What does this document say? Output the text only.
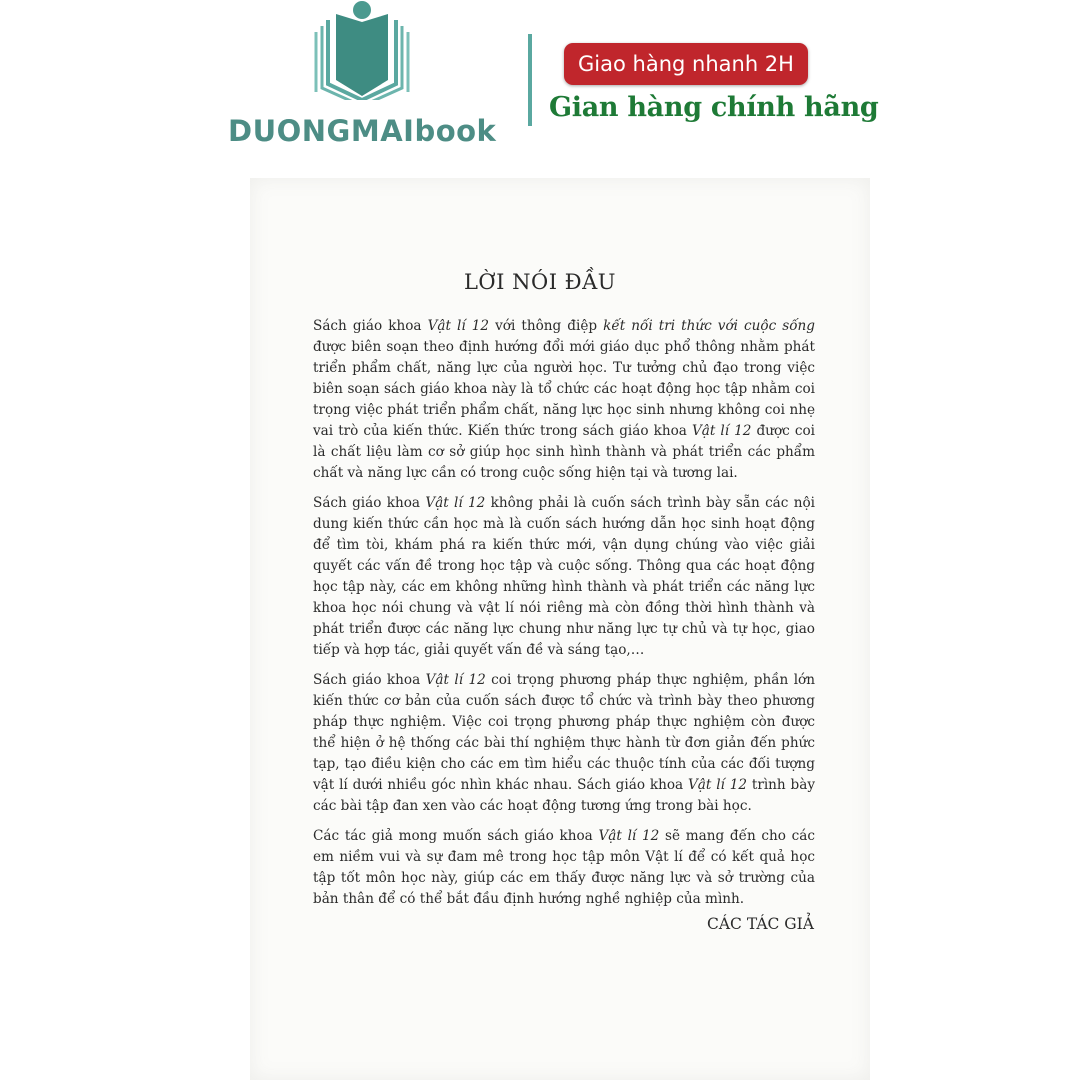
DUONGMAIbook
Giao hàng nhanh 2H
Gian hàng chính hãng
LỜI NÓI ĐẦU

Sách giáo khoa Vật lí 12 với thông điệp kết nối tri thức với cuộc sống được biên soạn theo định hướng đổi mới giáo dục phổ thông nhằm phát triển phẩm chất, năng lực của người học. Tư tưởng chủ đạo trong việc biên soạn sách giáo khoa này là tổ chức các hoạt động học tập nhằm coi trọng việc phát triển phẩm chất, năng lực học sinh nhưng không coi nhẹ vai trò của kiến thức. Kiến thức trong sách giáo khoa Vật lí 12 được coi là chất liệu làm cơ sở giúp học sinh hình thành và phát triển các phẩm chất và năng lực cần có trong cuộc sống hiện tại và tương lai.

Sách giáo khoa Vật lí 12 không phải là cuốn sách trình bày sẵn các nội dung kiến thức cần học mà là cuốn sách hướng dẫn học sinh hoạt động để tìm tòi, khám phá ra kiến thức mới, vận dụng chúng vào việc giải quyết các vấn đề trong học tập và cuộc sống. Thông qua các hoạt động học tập này, các em không những hình thành và phát triển các năng lực khoa học nói chung và vật lí nói riêng mà còn đồng thời hình thành và phát triển được các năng lực chung như năng lực tự chủ và tự học, giao tiếp và hợp tác, giải quyết vấn đề và sáng tạo,…

Sách giáo khoa Vật lí 12 coi trọng phương pháp thực nghiệm, phần lớn kiến thức cơ bản của cuốn sách được tổ chức và trình bày theo phương pháp thực nghiệm. Việc coi trọng phương pháp thực nghiệm còn được thể hiện ở hệ thống các bài thí nghiệm thực hành từ đơn giản đến phức tạp, tạo điều kiện cho các em tìm hiểu các thuộc tính của các đối tượng vật lí dưới nhiều góc nhìn khác nhau. Sách giáo khoa Vật lí 12 trình bày các bài tập đan xen vào các hoạt động tương ứng trong bài học.

Các tác giả mong muốn sách giáo khoa Vật lí 12 sẽ mang đến cho các em niềm vui và sự đam mê trong học tập môn Vật lí để có kết quả học tập tốt môn học này, giúp các em thấy được năng lực và sở trường của bản thân để có thể bắt đầu định hướng nghề nghiệp của mình.

CÁC TÁC GIẢ
